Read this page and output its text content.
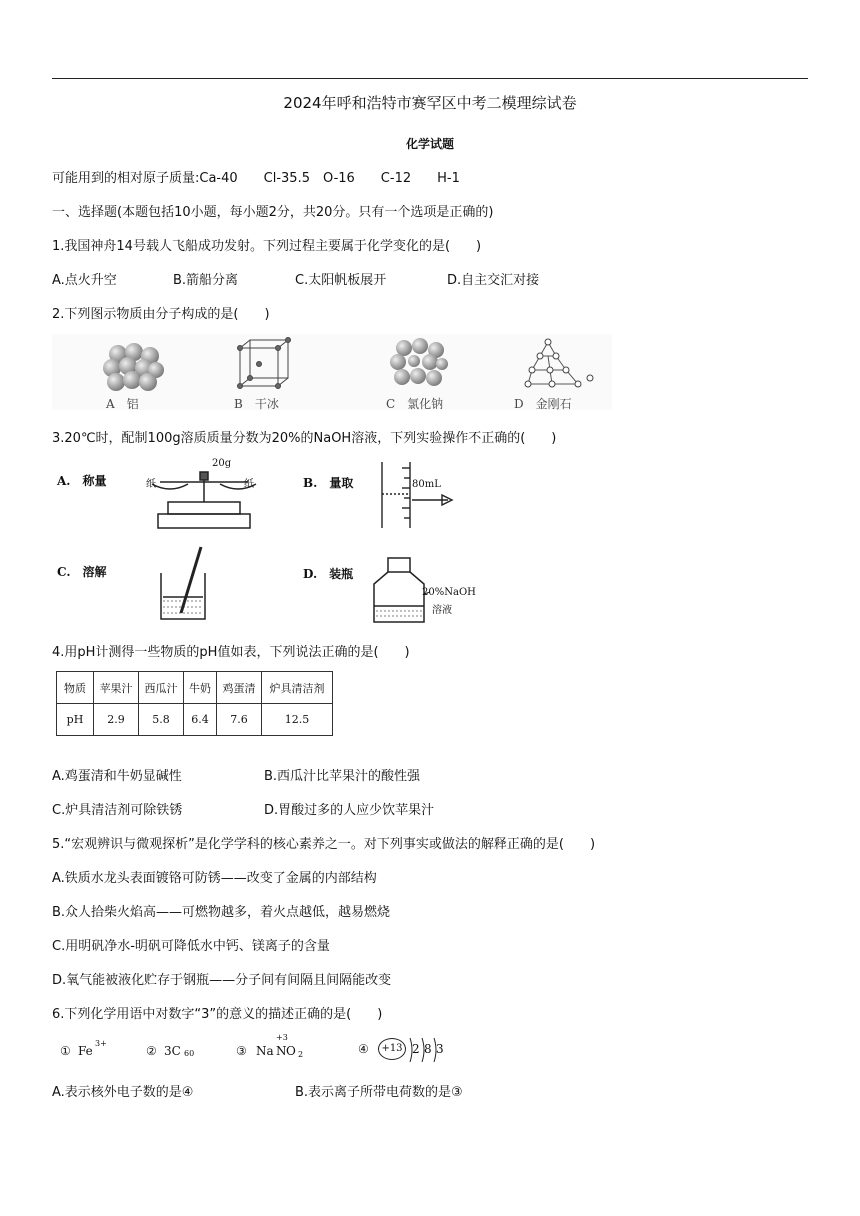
2024年呼和浩特市赛罕区中考二模理综试卷
化学试题
可能用到的相对原子质量:Ca-40　　Cl-35.5　O-16　　C-12　　H-1
一、选择题(本题包括10小题，每小题2分，共20分。只有一个选项是正确的)
1.我国神舟14号载人飞船成功发射。下列过程主要属于化学变化的是(　　)
A.点火升空	B.箭船分离	C.太阳帆板展开	D.自主交汇对接
2.下列图示物质由分子构成的是(　　)
A　铝	B　干冰	C　氯化钠	D　金刚石
3.20℃时，配制100g溶质质量分数为20%的NaOH溶液，下列实验操作不正确的(　　)
A.　称量	B.　量取
C.　溶解	D.　装瓶
20g
纸	纸	80mL
20%NaOH
溶液
4.用pH计测得一些物质的pH值如表，下列说法正确的是(　　)
物质	苹果汁	西瓜汁	牛奶	鸡蛋清	炉具清洁剂
pH	2.9	5.8	6.4	7.6	12.5
A.鸡蛋清和牛奶显碱性	B.西瓜汁比苹果汁的酸性强
C.炉具清洁剂可除铁锈	D.胃酸过多的人应少饮苹果汁
5.“宏观辨识与微观探析”是化学学科的核心素养之一。对下列事实或做法的解释正确的是(　　)
A.铁质水龙头表面镀铬可防锈——改变了金属的内部结构
B.众人拾柴火焰高——可燃物越多，着火点越低，越易燃烧
C.用明矾净水-明矾可降低水中钙、镁离子的含量
D.氧气能被液化贮存于钢瓶——分子间有间隔且间隔能改变
6.下列化学用语中对数字“3”的意义的描述正确的是(　　)
① Fe
3+
② 3C 60	③ Na N
+3
O 2	④	+13 2 8 3
A.表示核外电子数的是④	B.表示离子所带电荷数的是③
